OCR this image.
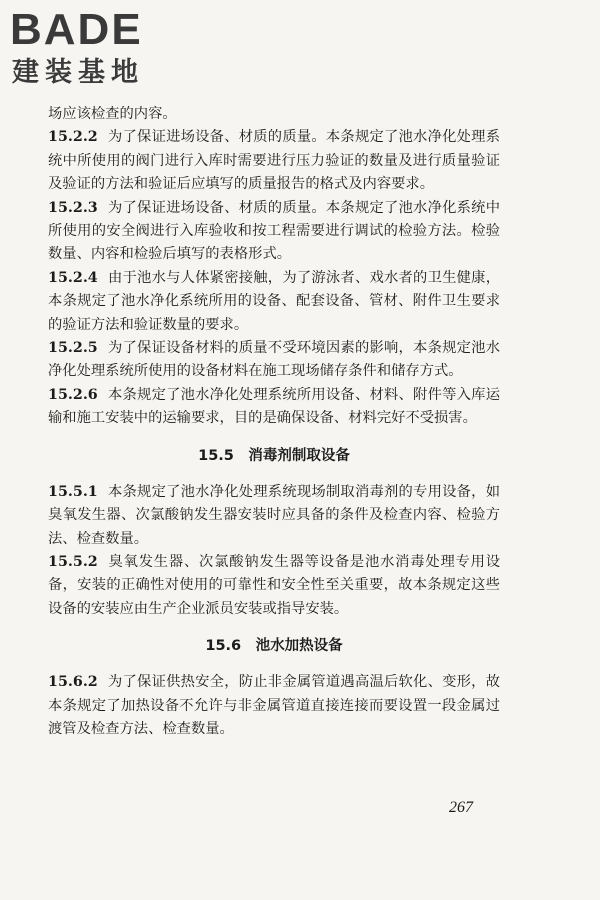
BADE
建装基地

场应该检查的内容。

15.2.2 为了保证进场设备、材质的质量。本条规定了池水净化处理系统中所使用的阀门进行入库时需要进行压力验证的数量及进行质量验证及验证的方法和验证后应填写的质量报告的格式及内容要求。

15.2.3 为了保证进场设备、材质的质量。本条规定了池水净化系统中所使用的安全阀进行入库验收和按工程需要进行调试的检验方法。检验数量、内容和检验后填写的表格形式。

15.2.4 由于池水与人体紧密接触，为了游泳者、戏水者的卫生健康，本条规定了池水净化系统所用的设备、配套设备、管材、附件卫生要求的验证方法和验证数量的要求。

15.2.5 为了保证设备材料的质量不受环境因素的影响，本条规定池水净化处理系统所使用的设备材料在施工现场储存条件和储存方式。

15.2.6 本条规定了池水净化处理系统所用设备、材料、附件等入库运输和施工安装中的运输要求，目的是确保设备、材料完好不受损害。

15.5　消毒剂制取设备

15.5.1 本条规定了池水净化处理系统现场制取消毒剂的专用设备，如臭氧发生器、次氯酸钠发生器安装时应具备的条件及检查内容、检验方法、检查数量。

15.5.2 臭氧发生器、次氯酸钠发生器等设备是池水消毒处理专用设备，安装的正确性对使用的可靠性和安全性至关重要，故本条规定这些设备的安装应由生产企业派员安装或指导安装。

15.6　池水加热设备

15.6.2 为了保证供热安全，防止非金属管道遇高温后软化、变形，故本条规定了加热设备不允许与非金属管道直接连接而要设置一段金属过渡管及检查方法、检查数量。

267
